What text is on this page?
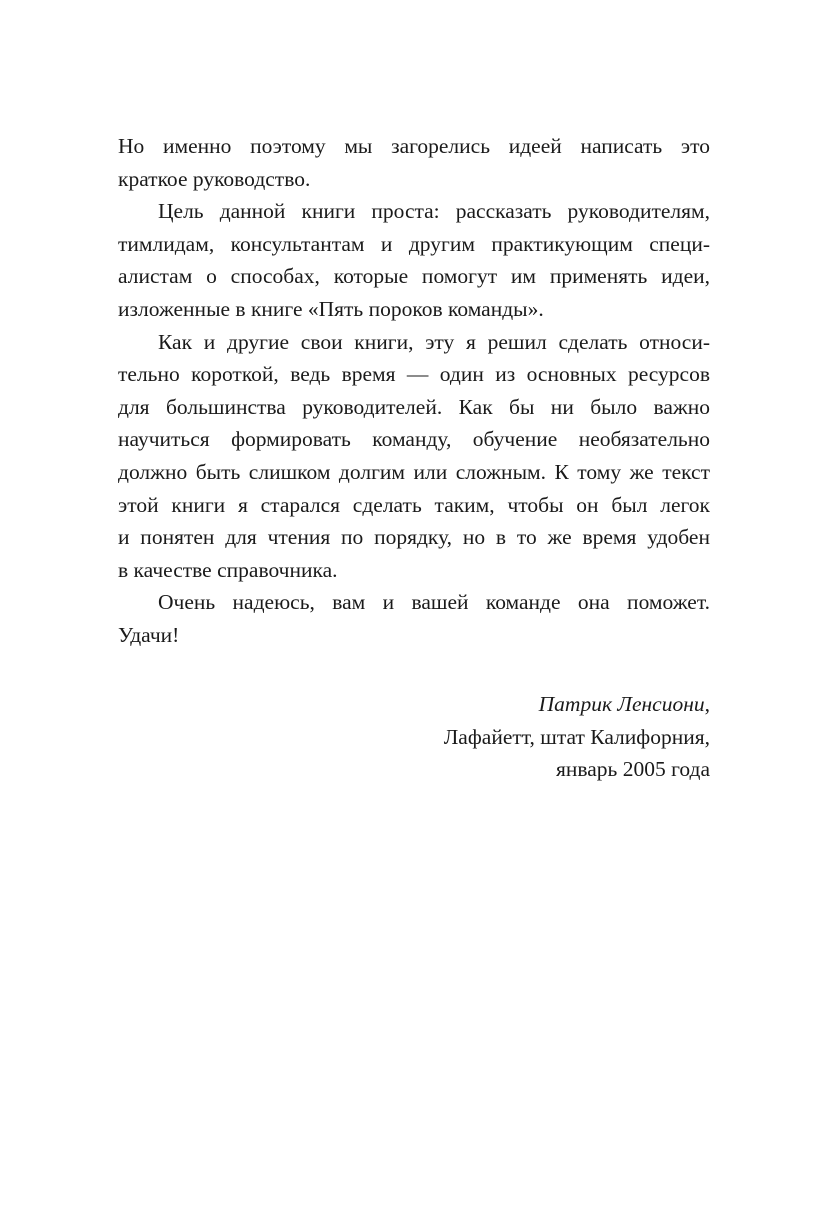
Но именно поэтому мы загорелись идеей написать это
краткое руководство.

Цель данной книги проста: рассказать руководителям,
тимлидам, консультантам и другим практикующим специ-
алистам о способах, которые помогут им применять идеи,
изложенные в книге «Пять пороков команды».

Как и другие свои книги, эту я решил сделать относи-
тельно короткой, ведь время — один из основных ресурсов
для большинства руководителей. Как бы ни было важно
научиться формировать команду, обучение необязательно
должно быть слишком долгим или сложным. К тому же текст
этой книги я старался сделать таким, чтобы он был легок
и понятен для чтения по порядку, но в то же время удобен
в качестве справочника.

Очень надеюсь, вам и вашей команде она поможет.
Удачи!

Патрик Ленсиони,
Лафайетт, штат Калифорния,
январь 2005 года
